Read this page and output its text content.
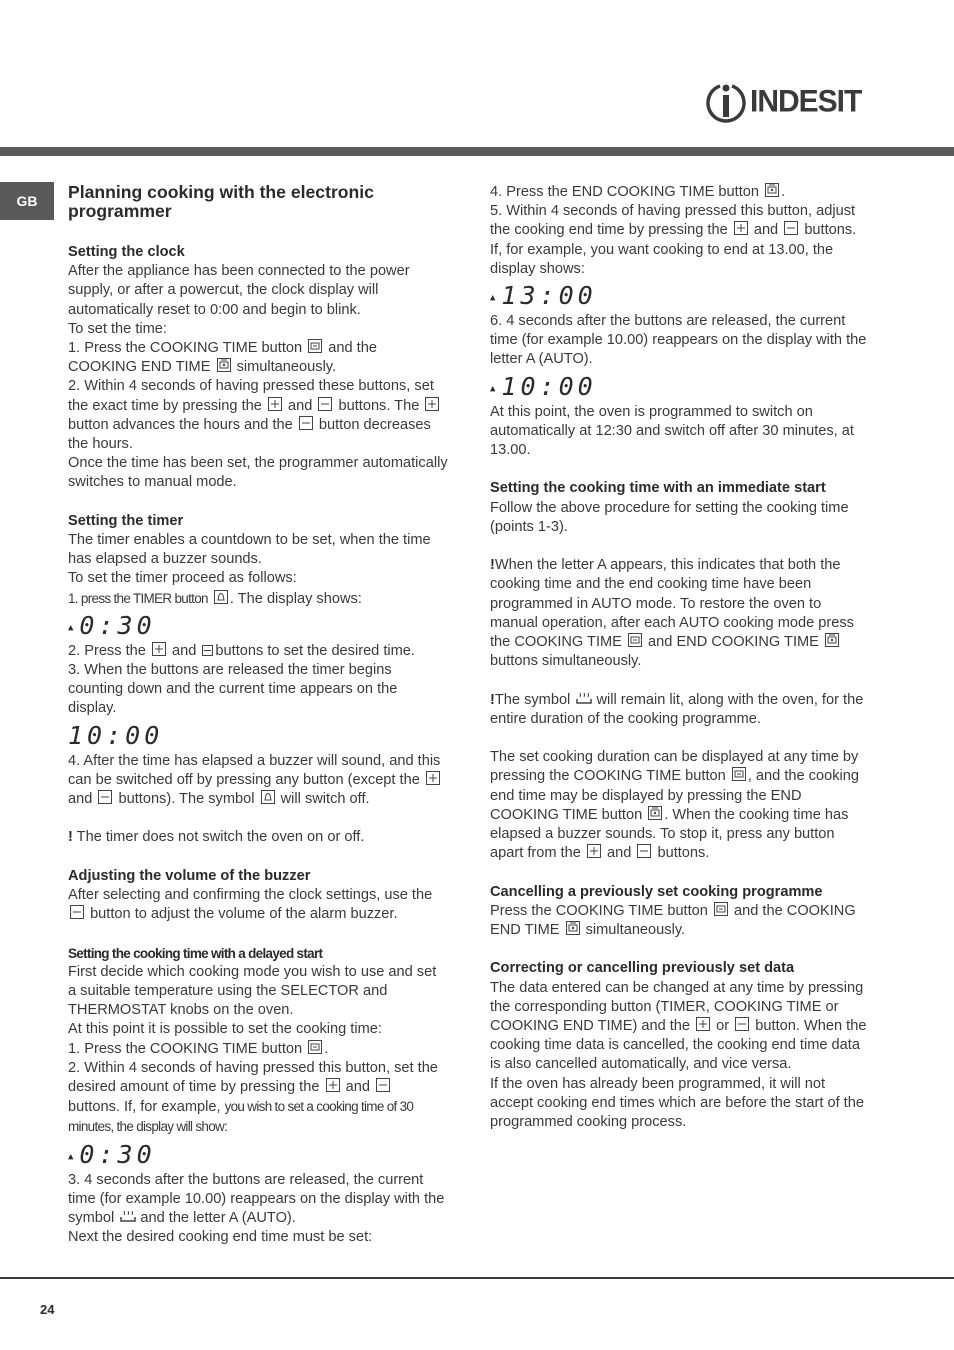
INDESIT
GB	Planning cooking with the electronic programmer

Setting the clock

After the appliance has been connected to the power supply, or after a powercut, the clock display will automatically reset to 0:00 and begin to blink.

To set the time:

1. Press the COOKING TIME button and the COOKING END TIME simultaneously.

2. Within 4 seconds of having pressed these buttons, set the exact time by pressing the and buttons. The
button advances the hours and the button decreases the hours.

Once the time has been set, the programmer automatically switches to manual mode.

Setting the timer

The timer enables a countdown to be set, when the time has elapsed a buzzer sounds.

To set the timer proceed as follows:

1. press the TIMER button . The display shows:

▲ 0:30

2. Press the and buttons to set the desired time.

3. When the buttons are released the timer begins counting down and the current time appears on the display.

10:00

4. After the time has elapsed a buzzer will sound, and this can be switched off by pressing any button (except the
and buttons). The symbol will switch off.

! The timer does not switch the oven on or off.

Adjusting the volume of the buzzer

After selecting and confirming the clock settings, use the
button to adjust the volume of the alarm buzzer.

Setting the cooking time with a delayed start

First decide which cooking mode you wish to use and set a suitable temperature using the SELECTOR and THERMOSTAT knobs on the oven.

At this point it is possible to set the cooking time:

1. Press the COOKING TIME button .

2. Within 4 seconds of having pressed this button, set the desired amount of time by pressing the and
buttons. If, for example, you wish to set a cooking time of 30 minutes, the display will show:

▲ 0:30

3. 4 seconds after the buttons are released, the current time (for example 10.00) reappears on the display with the symbol and the letter A (AUTO).

Next the desired cooking end time must be set:

4. Press the END COOKING TIME button .

5. Within 4 seconds of having pressed this button, adjust the cooking end time by pressing the and buttons. If, for example, you want cooking to end at 13.00, the display shows:

▲ 13:00

6. 4 seconds after the buttons are released, the current time (for example 10.00) reappears on the display with the letter A (AUTO).

▲ 10:00

At this point, the oven is programmed to switch on automatically at 12:30 and switch off after 30 minutes, at 13.00.

Setting the cooking time with an immediate start

Follow the above procedure for setting the cooking time (points 1-3).

!When the letter A appears, this indicates that both the cooking time and the end cooking time have been programmed in AUTO mode. To restore the oven to manual operation, after each AUTO cooking mode press the COOKING TIME and END COOKING TIME
buttons simultaneously.

!The symbol will remain lit, along with the oven, for the entire duration of the cooking programme.

The set cooking duration can be displayed at any time by pressing the COOKING TIME button , and the cooking end time may be displayed by pressing the END COOKING TIME button . When the cooking time has elapsed a buzzer sounds. To stop it, press any button apart from the and buttons.

Cancelling a previously set cooking programme

Press the COOKING TIME button and the COOKING END TIME simultaneously.

Correcting or cancelling previously set data

The data entered can be changed at any time by pressing the corresponding button (TIMER, COOKING TIME or COOKING END TIME) and the or button. When the cooking time data is cancelled, the cooking end time data is also cancelled automatically, and vice versa.

If the oven has already been programmed, it will not accept cooking end times which are before the start of the programmed cooking process.

24
